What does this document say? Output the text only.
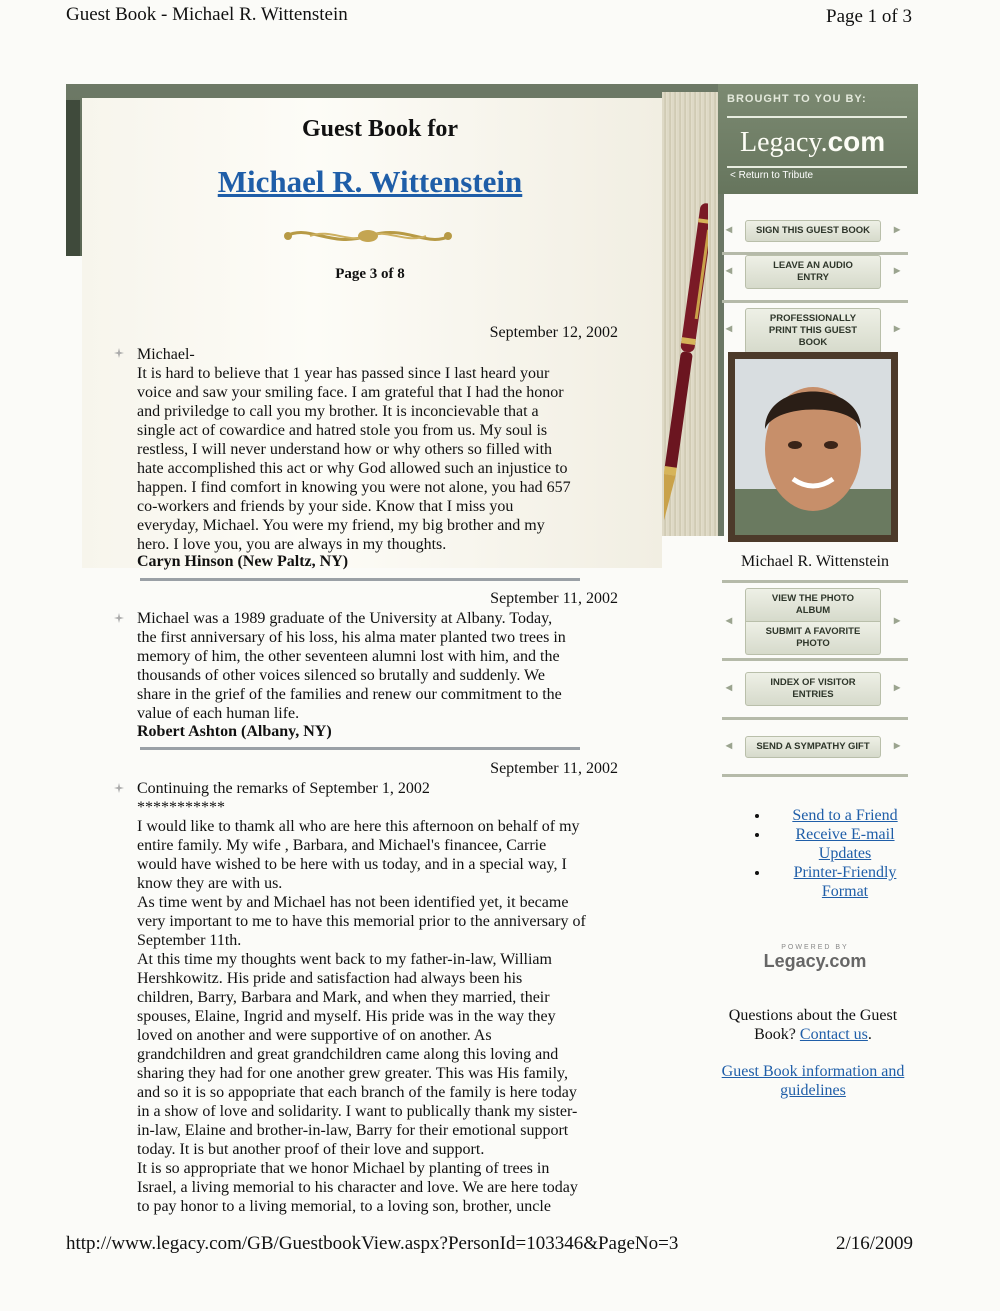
Guest Book - Michael R. Wittenstein	Page 1 of 3
Guest Book for
Michael R. Wittenstein
Page 3 of 8
September 12, 2002
Michael-
It is hard to believe that 1 year has passed since I last heard your
voice and saw your smiling face. I am grateful that I had the honor
and priviledge to call you my brother. It is inconcievable that a
single act of cowardice and hatred stole you from us. My soul is
restless, I will never understand how or why others so filled with
hate accomplished this act or why God allowed such an injustice to
happen. I find comfort in knowing you were not alone, you had 657
co-workers and friends by your side. Know that I miss you
everyday, Michael. You were my friend, my big brother and my
hero. I love you, you are always in my thoughts.
Caryn Hinson (New Paltz, NY)
September 11, 2002
Michael was a 1989 graduate of the University at Albany. Today,
the first anniversary of his loss, his alma mater planted two trees in
memory of him, the other seventeen alumni lost with him, and the
thousands of other voices silenced so brutally and suddenly. We
share in the grief of the families and renew our commitment to the
value of each human life.
Robert Ashton (Albany, NY)
September 11, 2002
Continuing the remarks of September 1, 2002
***********
I would like to thamk all who are here this afternoon on behalf of my
entire family. My wife , Barbara, and Michael's financee, Carrie
would have wished to be here with us today, and in a special way, I
know they are with us.
As time went by and Michael has not been identified yet, it became
very important to me to have this memorial prior to the anniversary of
September 11th.
At this time my thoughts went back to my father-in-law, William
Hershkowitz. His pride and satisfaction had always been his
children, Barry, Barbara and Mark, and when they married, their
spouses, Elaine, Ingrid and myself. His pride was in the way they
loved on another and were supportive of on another. As
grandchildren and great grandchildren came along this loving and
sharing they had for one another grew greater. This was His family,
and so it is so appopriate that each branch of the family is here today
in a show of love and solidarity. I want to publically thank my sister-
in-law, Elaine and brother-in-law, Barry for their emotional support
today. It is but another proof of their love and support.
It is so appropriate that we honor Michael by planting of trees in
Israel, a living memorial to his character and love. We are here today
to pay honor to a living memorial, to a loving son, brother, uncle
BROUGHT TO YOU BY:
Legacy.com
< Return to Tribute
◂	SIGN THIS GUEST BOOK	▸
◂	LEAVE AN AUDIO ENTRY
▸
◂
PROFESSIONALLY PRINT THIS GUEST BOOK
▸
Michael R. Wittenstein
◂
VIEW THE PHOTO ALBUM
SUBMIT A FAVORITE PHOTO
▸
◂	INDEX OF VISITOR ENTRIES
▸
◂	SEND A SYMPATHY GIFT	▸
• Send to a Friend
• Receive E-mail Updates
• Printer-Friendly Format
POWERED BY
Legacy.com
Questions about the Guest Book? Contact us.
Guest Book information and guidelines
http://www.legacy.com/GB/GuestbookView.aspx?PersonId=103346&PageNo=3	2/16/2009
